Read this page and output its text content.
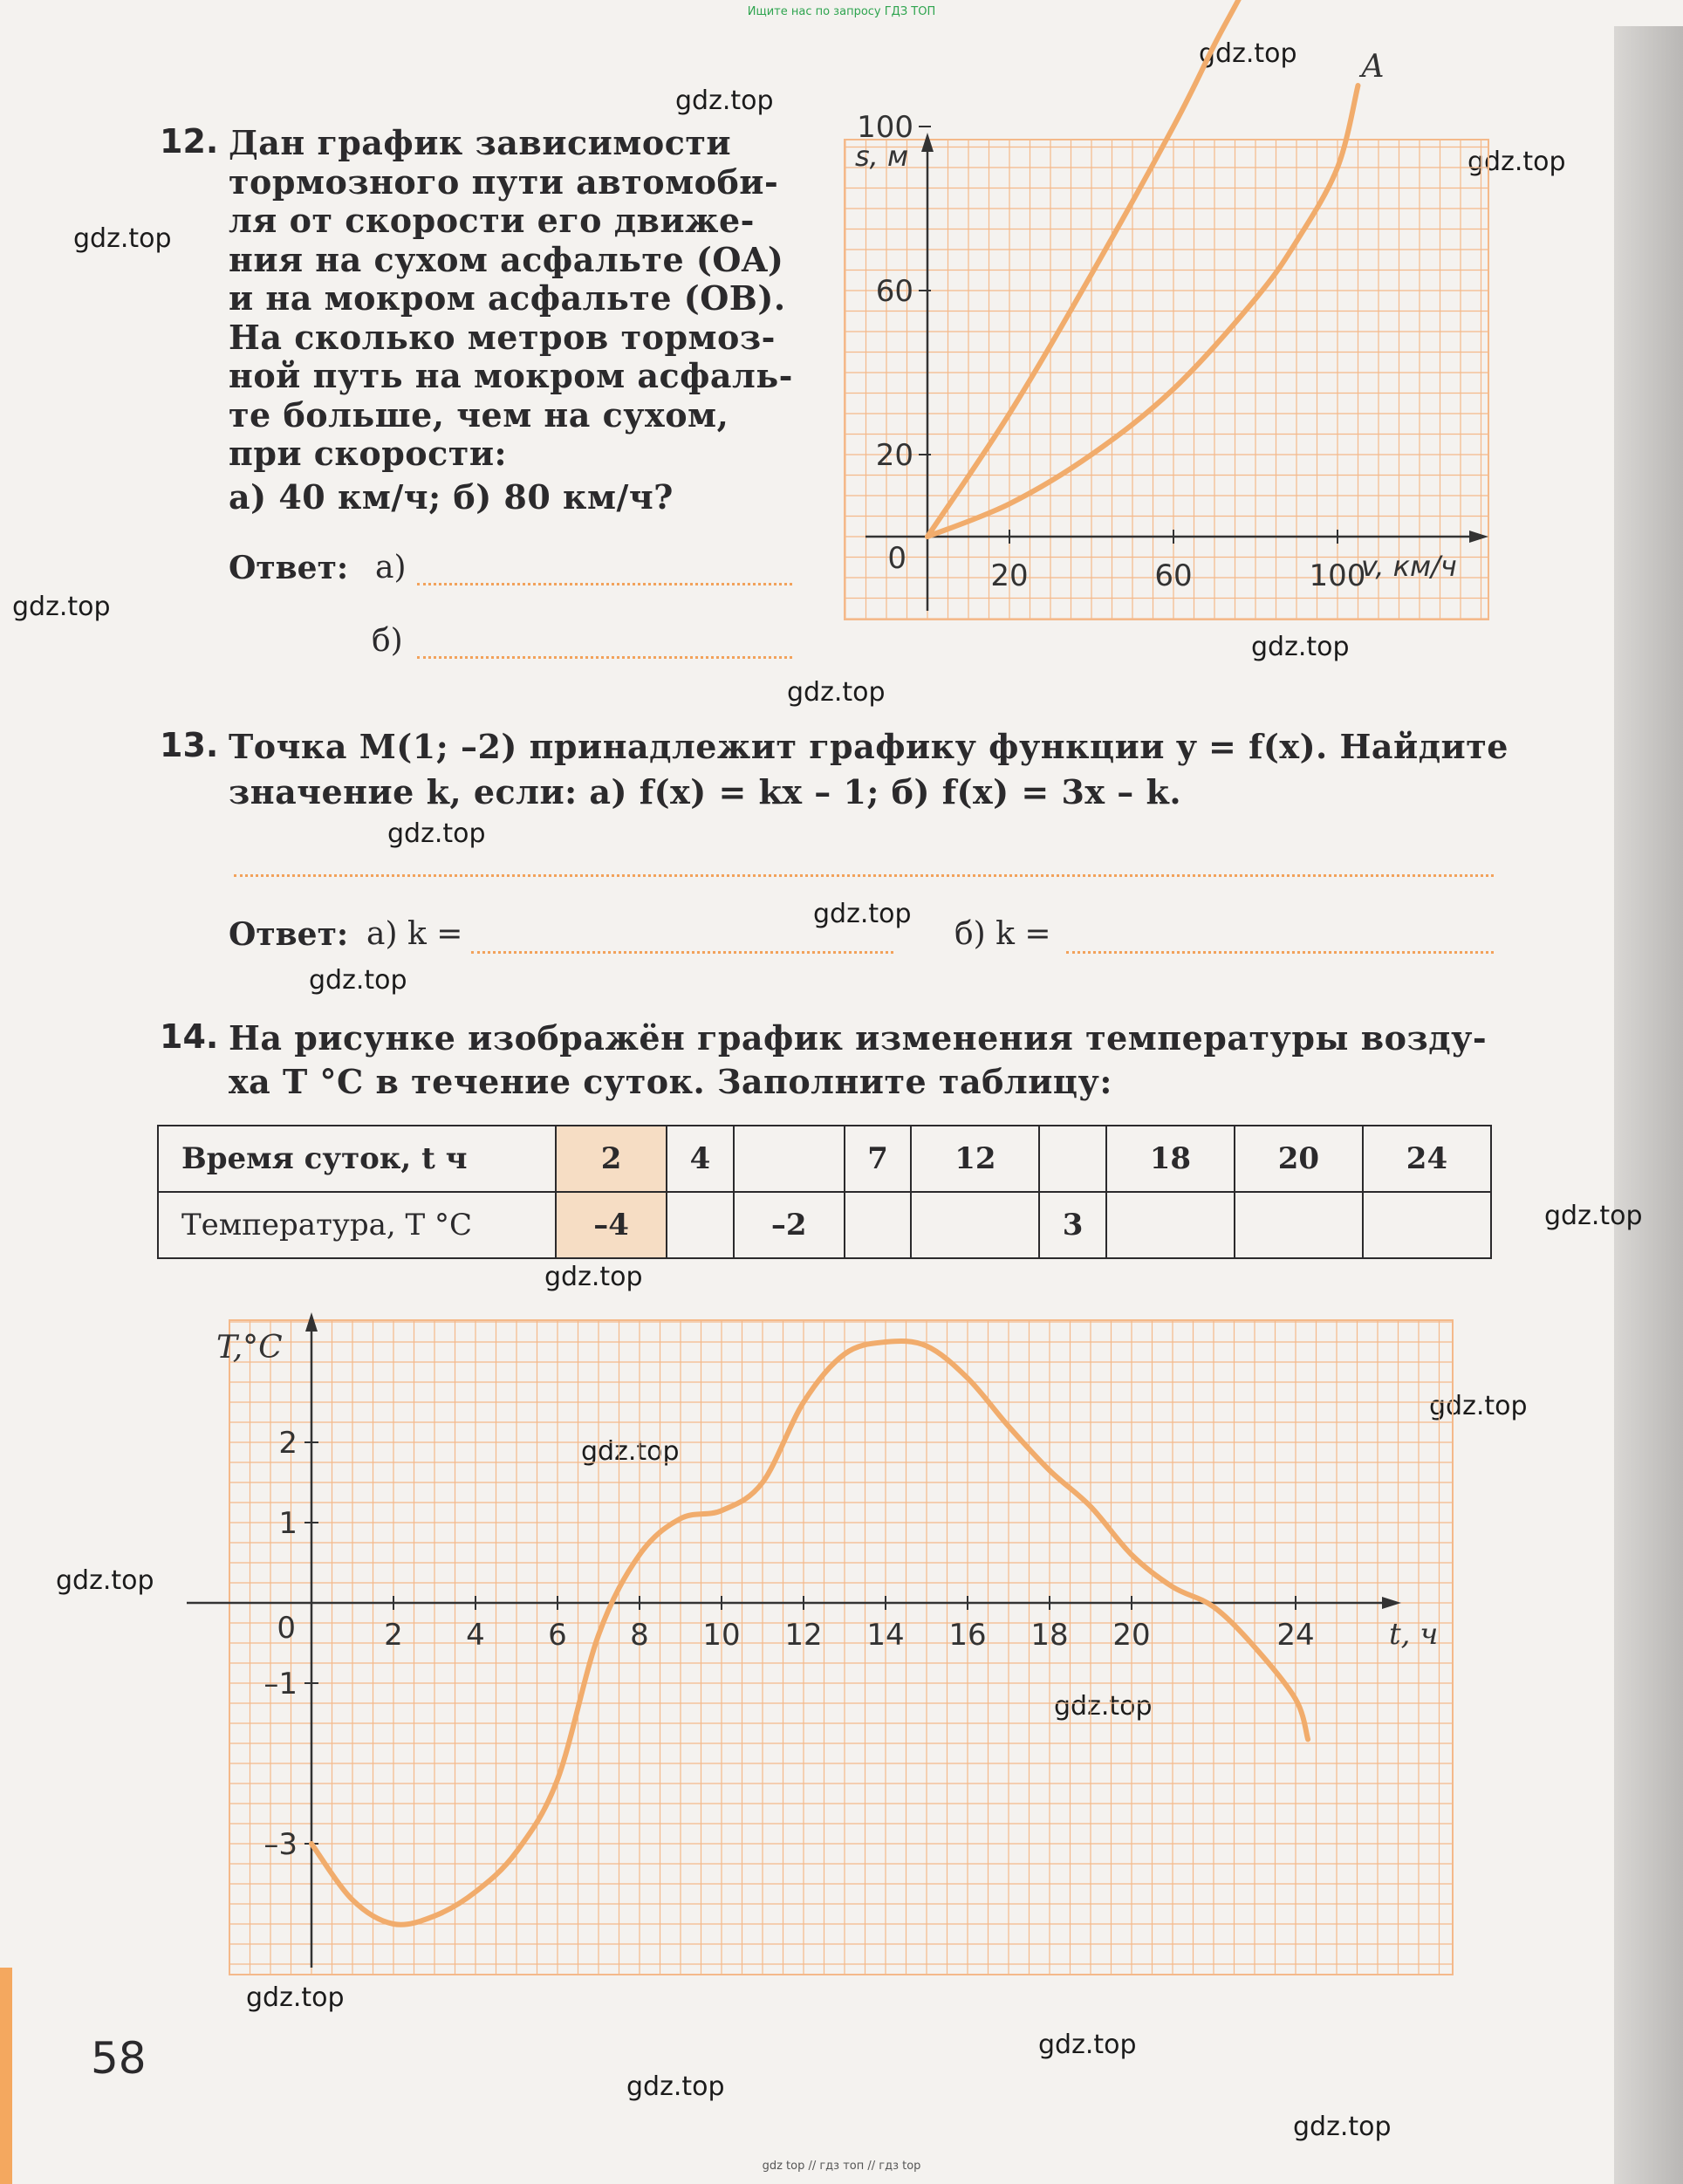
Ищите нас по запросу ГДЗ ТОП
gdz.top
gdz.top
gdz.top
gdz.top
gdz.top
gdz.top
gdz.top
gdz.top
gdz.top
gdz.top
gdz.top
gdz.top
gdz.top
gdz.top
gdz.top
gdz.top
gdz.top
gdz.top
gdz.top
gdz.top
12. Дан график зависимости
тормозного пути автомоби-
ля от скорости его движе-
ния на сухом асфальте (OA)
и на мокром асфальте (OB).
На сколько метров тормоз-
ной путь на мокром асфаль-
те больше, чем на сухом,
при скорости:
а) 40 км/ч; б) 80 км/ч?
Ответ: а)
б)
20	60	100
20
60
100
0
s, м
v, км/ч
A
13. Точка M(1; –2) принадлежит графику функции y = f(x). Найдите
значение k, если: а) f(x) = kx – 1; б) f(x) = 3x – k.
Ответ: а) k =	б) k =
14. На рисунке изображён график изменения температуры возду-
ха T °C в течение суток. Заполните таблицу:
Время суток, t ч	2	4		7	12		18	20	24
Температура, T °C	–4		–2			3			
2 4 6 8 10 12 14 16 18 20	24
2
1
–1
–3
0
T,°C
t, ч
58
gdz top // гдз топ // гдз top
